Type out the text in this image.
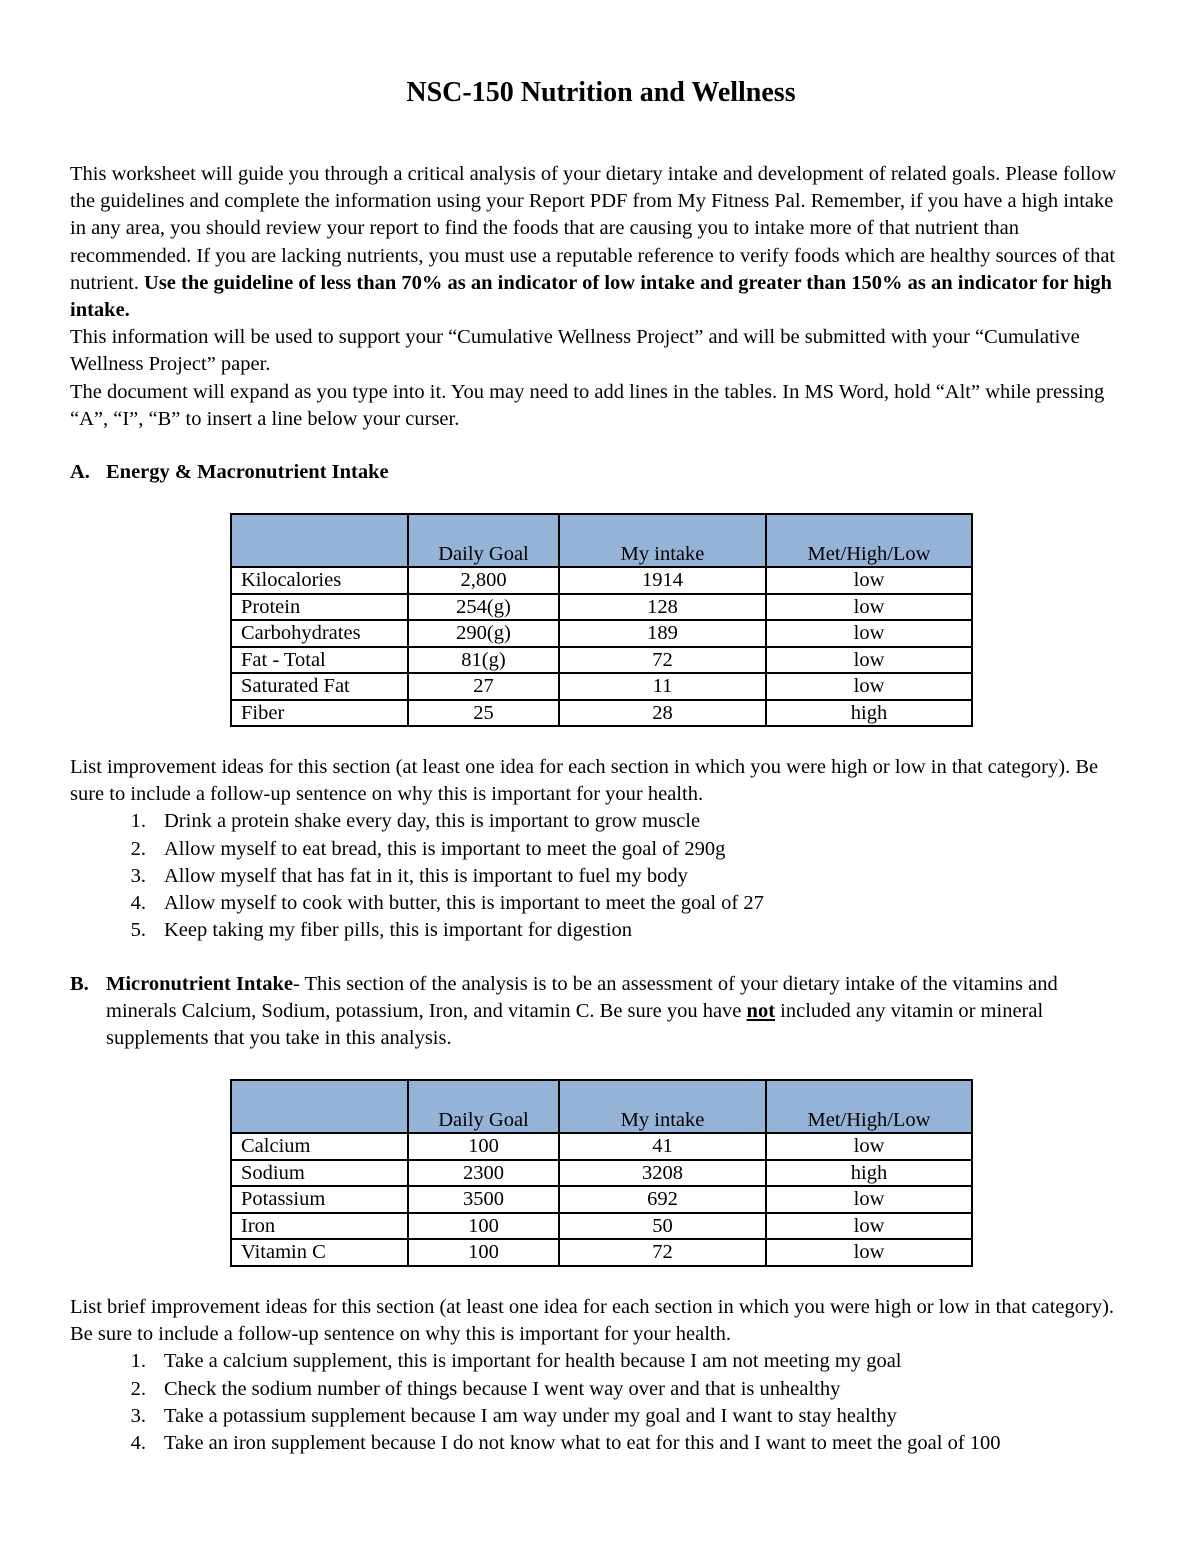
NSC-150 Nutrition and Wellness

This worksheet will guide you through a critical analysis of your dietary intake and development of related goals. Please follow the guidelines and complete the information using your Report PDF from My Fitness Pal. Remember, if you have a high intake in any area, you should review your report to find the foods that are causing you to intake more of that nutrient than recommended. If you are lacking nutrients, you must use a reputable reference to verify foods which are healthy sources of that nutrient. Use the guideline of less than 70% as an indicator of low intake and greater than 150% as an indicator for high intake.

This information will be used to support your “Cumulative Wellness Project” and will be submitted with your “Cumulative Wellness Project” paper.

The document will expand as you type into it. You may need to add lines in the tables. In MS Word, hold “Alt” while pressing “A”, “I”, “B” to insert a line below your curser.

A. Energy & Macronutrient Intake
	Daily Goal	My intake	Met/High/Low
Kilocalories	2,800	1914	low
Protein	254(g)	128	low
Carbohydrates	290(g)	189	low
Fat - Total	81(g)	72	low
Saturated Fat	27	11	low
Fiber	25	28	high
List improvement ideas for this section (at least one idea for each section in which you were high or low in that category). Be sure to include a follow-up sentence on why this is important for your health.
1. Drink a protein shake every day, this is important to grow muscle
2. Allow myself to eat bread, this is important to meet the goal of 290g
3. Allow myself that has fat in it, this is important to fuel my body
4. Allow myself to cook with butter, this is important to meet the goal of 27
5. Keep taking my fiber pills, this is important for digestion
B. Micronutrient Intake- This section of the analysis is to be an assessment of your dietary intake of the vitamins and minerals Calcium, Sodium, potassium, Iron, and vitamin C. Be sure you have not included any vitamin or mineral supplements that you take in this analysis.
	Daily Goal	My intake	Met/High/Low
Calcium	100	41	low
Sodium	2300	3208	high
Potassium	3500	692	low
Iron	100	50	low
Vitamin C	100	72	low
List brief improvement ideas for this section (at least one idea for each section in which you were high or low in that category). Be sure to include a follow-up sentence on why this is important for your health.
1. Take a calcium supplement, this is important for health because I am not meeting my goal
2. Check the sodium number of things because I went way over and that is unhealthy
3. Take a potassium supplement because I am way under my goal and I want to stay healthy
4. Take an iron supplement because I do not know what to eat for this and I want to meet the goal of 100
